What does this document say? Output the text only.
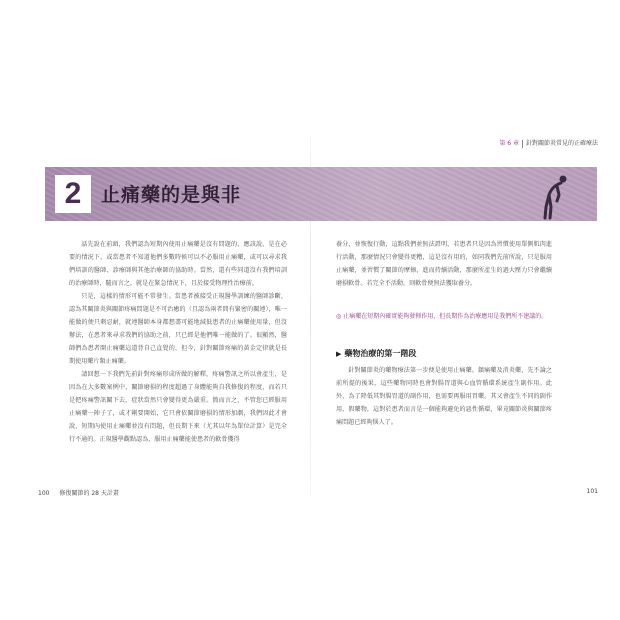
第 6 章 針對關節炎常見的正確療法
2	止痛藥的是與非

話先說在前頭，我們認為短期內使用止痛藥是沒有問題的，應該說，是在必要的情況下，或當患者不知道他們多數時候可以不必服用止痛藥，或可以尋求我們培訓的醫師、診療師與其他治療師的協助時。當然，還有些同道沒有我們培訓的治療師時，隨而言之，就是在緊急情況下，且於接受物理性治療前。

只是，這樣的情形可能不常發生。當患者被接受正規醫學訓練的醫師診斷，認為其關節炎與關節疼痛問題是不可治癒的（且認為兩者間有緊密的關連），唯一能做的便只剩忍耐，就連醫師本身都想盡可能地減低患者的止痛藥使用量，但沒辦法，在患者來尋求我們的協助之前，只已經是他們唯一能做的了。很顯然，醫師們為患者開止痛藥這道背自己直覺的，但今，針對關節疼痛的黃金定律就是長期使用藥片類止痛藥。

請回想一下我們先前針對疼痛形成所做的解釋，疼痛警訊之所以會產生，是因為在大多數案例中，關節磨損的程度超過了身體能夠自我修復的程度，而若只是把疼痛警訊關下去，症狀當然只會變得更為嚴重。簡而言之，不管您已經服用止痛藥一陣子了，或才剛要開始，它只會依關節磨損的情形加劇，我們因此才會說，短期內使用止痛藥並沒有問題，但長期下來（尤其以年為單位計算）是完全行不通的。正規醫學觀點認為，服用止痛藥能使患者的軟骨獲得

養分，並恢復行動，這點我們並無法證明，若患者只是因為習慣使用單側肌肉進行活動，那麼情況只會變得更糟，這是沒有用的，如同我們先前所說，只是服用止痛藥，並習慣了關節的摩擦，進而持續活動，那麼所產生的過大壓力只會繼續磨損軟骨。若完全不活動，則軟骨便無法獲取養分。

◎ 止痛藥在短期內確實能夠發揮作用，但長期作為治療應用是我們所不建議的。
▶ 藥物治療的第一階段

針對關節炎的藥物療法第一步便是使用止痛藥。鎮痛藥及消炎藥，先不論之前所提的後果，這些藥物同時也會對腸胃道與心血管循環系統產生副作用。此外，為了降低其對腸胃道的副作用，也需要再服用胃藥。其又會產生不同的副作用，假藥物，這對於患者而言是一個能夠避免的惡性循環，畢竟關節炎與關節疼痛問題已經夠惱人了。

100 修復關節的 28 天計畫	101
